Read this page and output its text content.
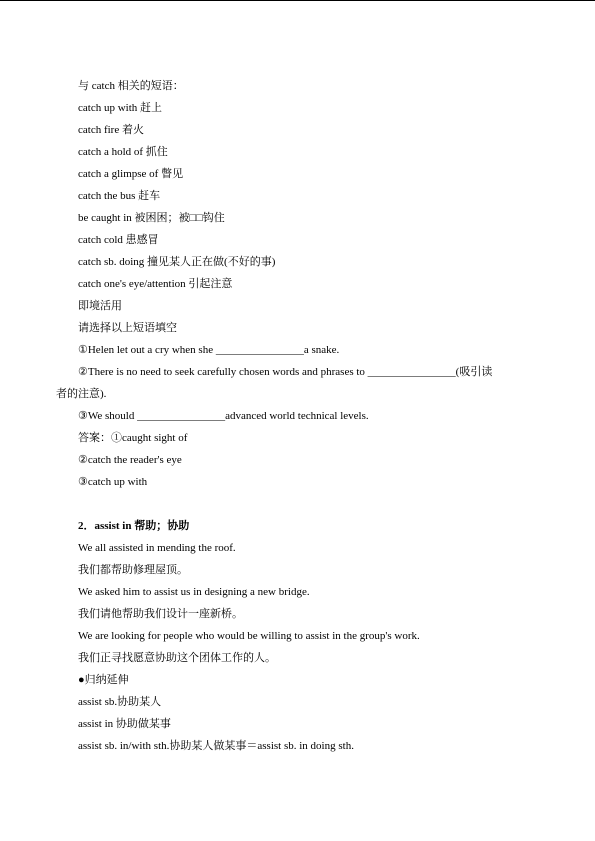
与 catch 相关的短语：
catch up with 赶上
catch fire 着火
catch a hold of 抓住
catch a glimpse of 瞥见
catch the bus 赶车
be caught in 被困困；被□□钩住
catch cold 患感冒
catch sb. doing 撞见某人正在做(不好的事)
catch one's eye/attention 引起注意
即境活用
请选择以上短语填空
①Helen let out a cry when she ________________a snake.
②There is no need to seek carefully chosen words and phrases to ________________(吸引读
者的注意).
③We should ________________advanced world technical levels.
答案：①caught sight of
②catch the reader's eye
③catch up with
2．assist in 帮助；协助
We all assisted in mending the roof.
我们都帮助修理屋顶。
We asked him to assist us in designing a new bridge.
我们请他帮助我们设计一座新桥。
We are looking for people who would be willing to assist in the group's work.
我们正寻找愿意协助这个团体工作的人。
●归纳延伸
assist sb.协助某人
assist in 协助做某事
assist sb. in/with sth.协助某人做某事＝assist sb. in doing sth.
